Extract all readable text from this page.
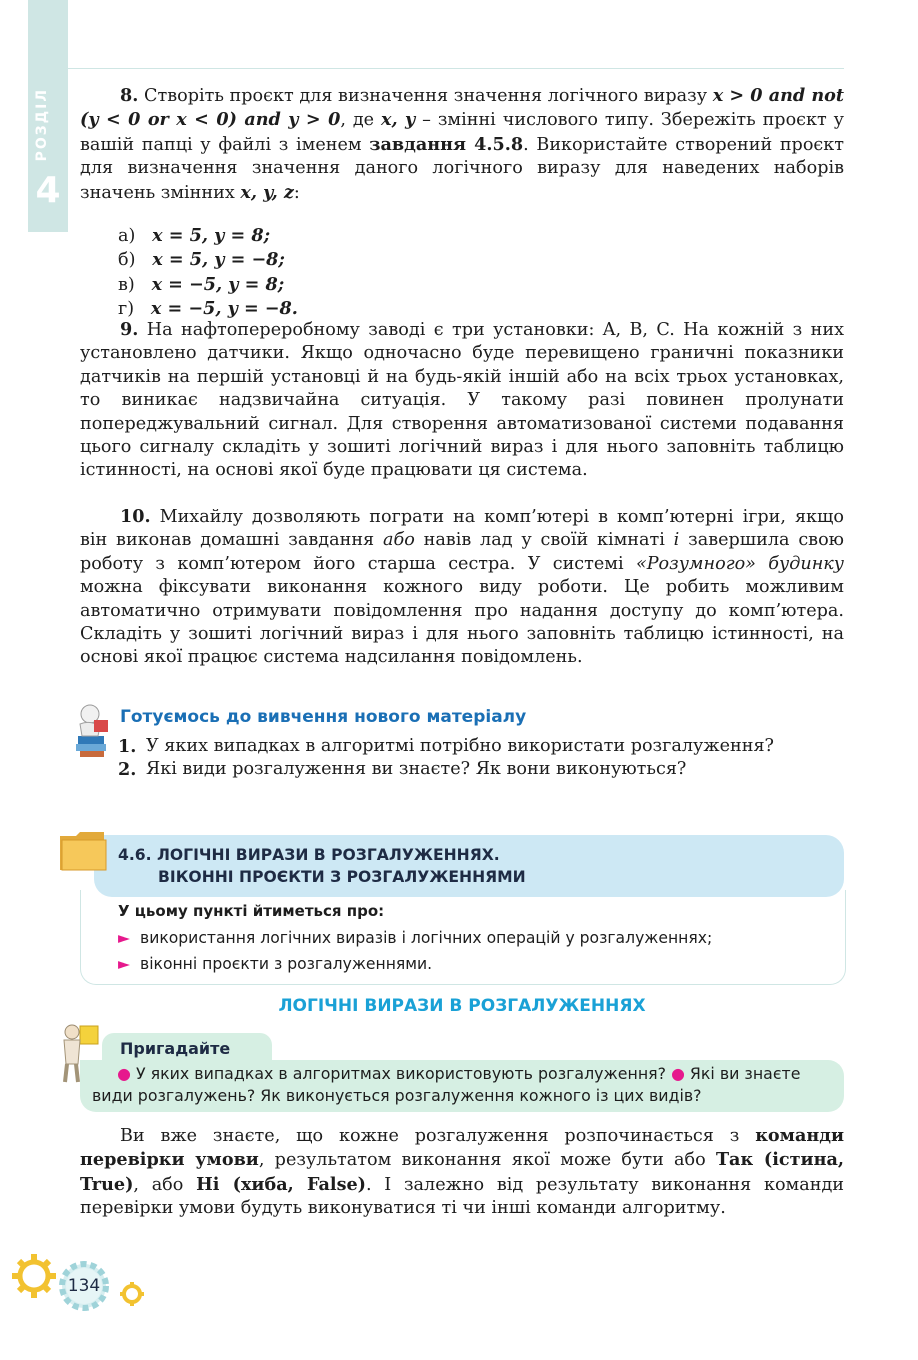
РОЗДІЛ
4
8. Створіть проєкт для визначення значення логічного виразу x > 0 and not (y < 0 or x < 0) and y > 0, де x, y – змінні числового типу. Збережіть проєкт у вашій папці у файлі з іменем завдання 4.5.8. Використайте створений проєкт для визначення значення даного логічного виразу для наведених наборів значень змінних x, y, z:
а) x = 5, y = 8;
б) x = 5, y = −8;
в) x = −5, y = 8;
г) x = −5, y = −8.
9. На нафтопереробному заводі є три установки: A, B, C. На кожній з них установлено датчики. Якщо одночасно буде перевищено граничні показники датчиків на першій установці й на будь-якій іншій або на всіх трьох установках, то виникає надзвичайна ситуація. У такому разі повинен пролунати попереджувальний сигнал. Для створення автоматизованої системи подавання цього сигналу складіть у зошиті логічний вираз і для нього заповніть таблицю істинності, на основі якої буде працювати ця система.
10. Михайлу дозволяють пограти на комп’ютері в комп’ютерні ігри, якщо він виконав домашні завдання або навів лад у своїй кімнаті і завершила свою роботу з комп’ютером його старша сестра. У системі «Розумного» будинку можна фіксувати виконання кожного виду роботи. Це робить можливим автоматично отримувати повідомлення про надання доступу до комп’ютера. Складіть у зошиті логічний вираз і для нього заповніть таблицю істинності, на основі якої працює система надсилання повідомлень.
Готуємось до вивчення нового матеріалу
1. У яких випадках в алгоритмі потрібно використати розгалуження?
2. Які види розгалуження ви знаєте? Як вони виконуються?
4.6. ЛОГІЧНІ ВИРАЗИ В РОЗГАЛУЖЕННЯХ.
ВІКОННІ ПРОЄКТИ З РОЗГАЛУЖЕННЯМИ
У цьому пункті йтиметься про:
► використання логічних виразів і логічних операцій у розгалуженнях;
► віконні проєкти з розгалуженнями.
ЛОГІЧНІ ВИРАЗИ В РОЗГАЛУЖЕННЯХ
Пригадайте

● У яких випадках в алгоритмах використовують розгалуження? ● Які ви знаєте види розгалужень? Як виконується розгалуження кожного із цих видів?

Ви вже знаєте, що кожне розгалуження розпочинається з команди перевірки умови, результатом виконання якої може бути або Так (істина, True), або Ні (хиба, False). І залежно від результату виконання команди перевірки умови будуть виконуватися ті чи інші команди алгоритму.
134
